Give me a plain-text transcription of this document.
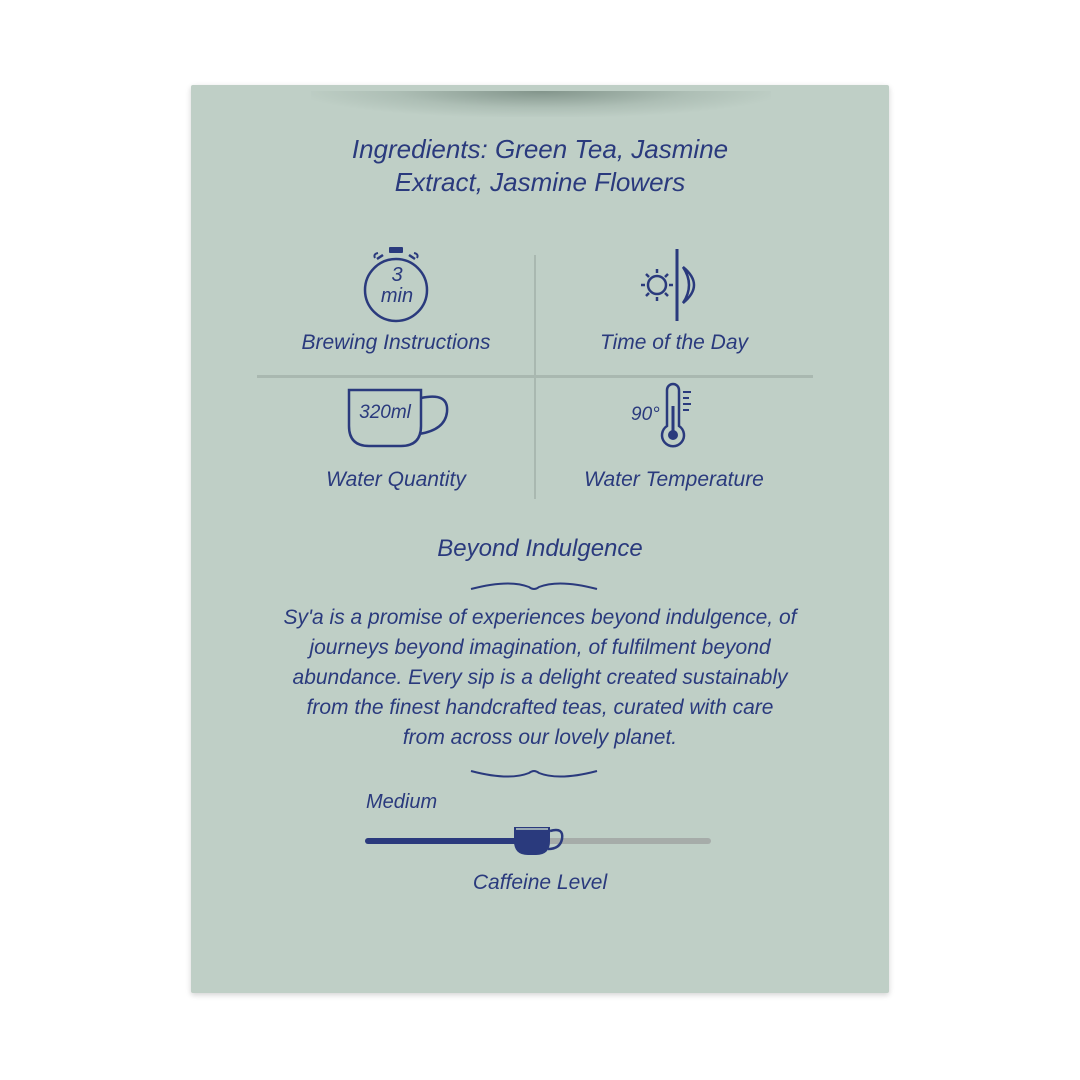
Ingredients: Green Tea, Jasmine
Extract, Jasmine Flowers
3
min
Brewing Instructions	Time of the Day
320ml
Water Quantity
90°
Water Temperature
Beyond Indulgence
Sy'a is a promise of experiences beyond indulgence, of
journeys beyond imagination, of fulfilment beyond
abundance. Every sip is a delight created sustainably
from the finest handcrafted teas, curated with care
from across our lovely planet.
Medium
Caffeine Level
